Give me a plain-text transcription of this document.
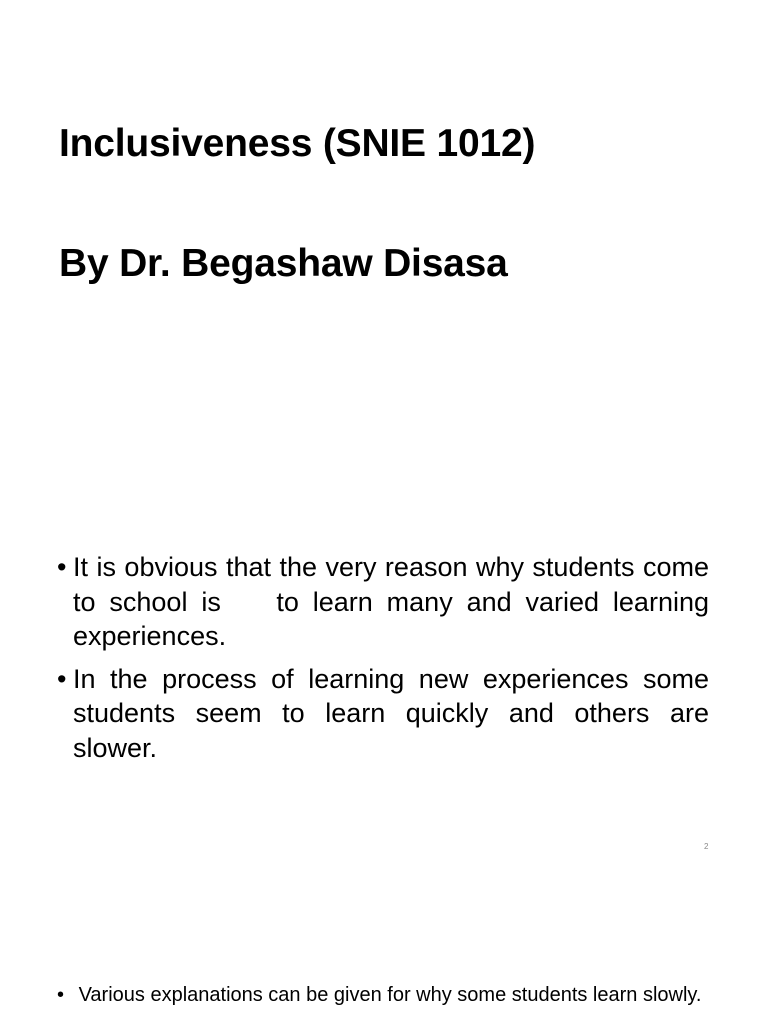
Inclusiveness (SNIE 1012)
By Dr. Begashaw Disasa
• It is obvious that the very reason why students come to school is    to learn many and varied learning experiences.
• In the process of learning new experiences some students seem to learn quickly and others are slower.
2
• Various explanations can be given for why some students learn slowly.
